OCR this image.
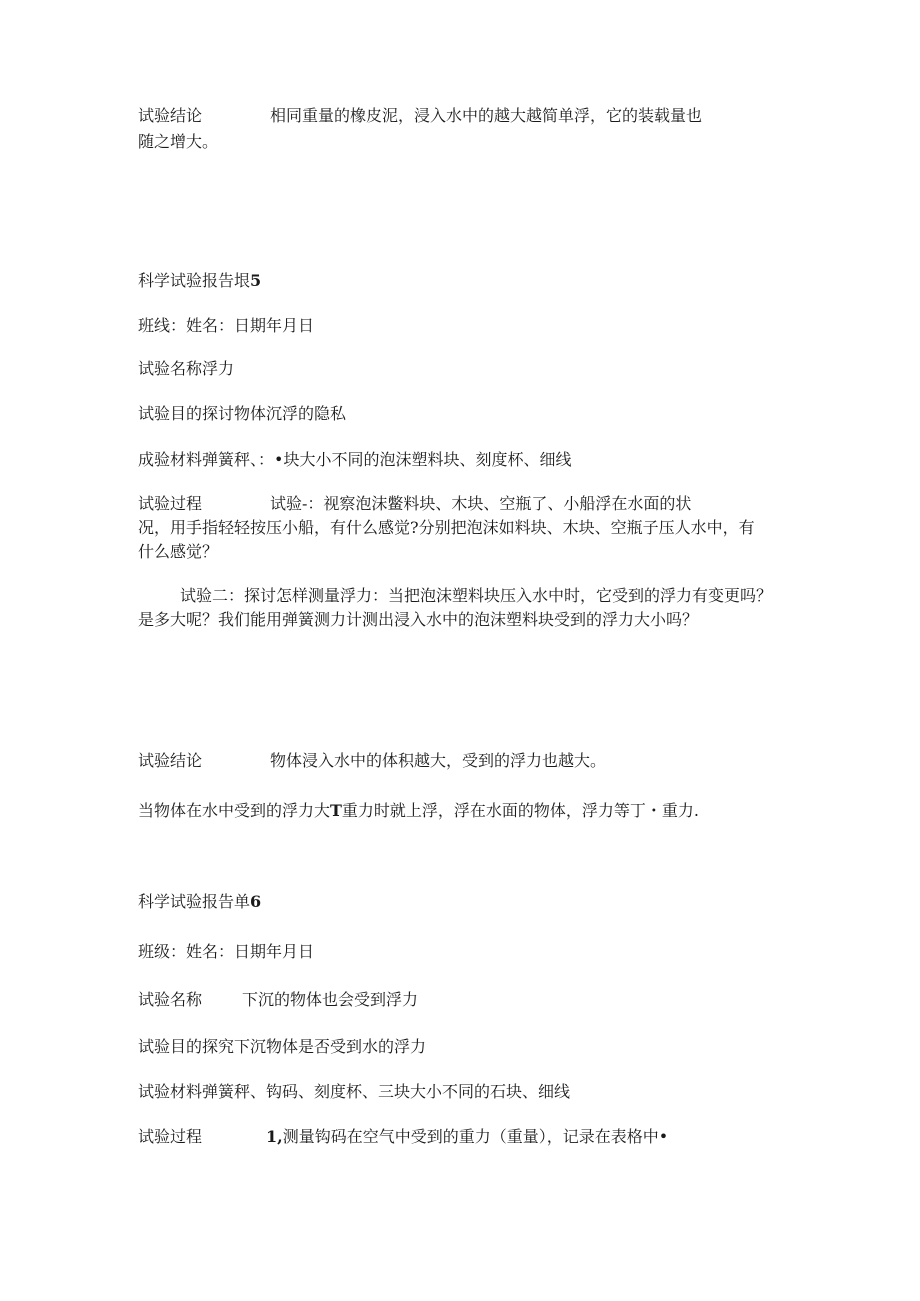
试验结论	相同重量的橡皮泥，浸入水中的越大越简单浮，它的装载量也
随之增大。
科学试验报告垠5
班线：姓名：日期年月日
试验名称浮力
试验目的探讨物体沉浮的隐私
成验材料弹簧秤、：•块大小不同的泡沫塑料块、刻度杯、细线
试验过程	试验-：视察泡沫鳖料块、木块、空瓶了、小船浮在水面的状
况，用手指轻轻按压小船，有什么感觉?分别把泡沫如料块、木块、空瓶子压人水中，有
什么感觉？
试验二：探讨怎样测量浮力：当把泡沫塑料块压入水中时，它受到的浮力有变更吗？
是多大呢？我们能用弹簧测力计测出浸入水中的泡沫塑料块受到的浮力大小吗？
试验结论	物体浸入水中的体积越大，受到的浮力也越大。
当物体在水中受到的浮力大T重力时就上浮，浮在水面的物体，浮力等丁・重力.
科学试验报告单6
班级：姓名：日期年月日
试验名称 下沉的物体也会受到浮力
试验目的探究下沉物体是否受到水的浮力
试验材料弹簧秤、钩码、刻度杯、三块大小不同的石块、细线
试验过程	1,测量钩码在空气中受到的重力（重量），记录在表格中•
